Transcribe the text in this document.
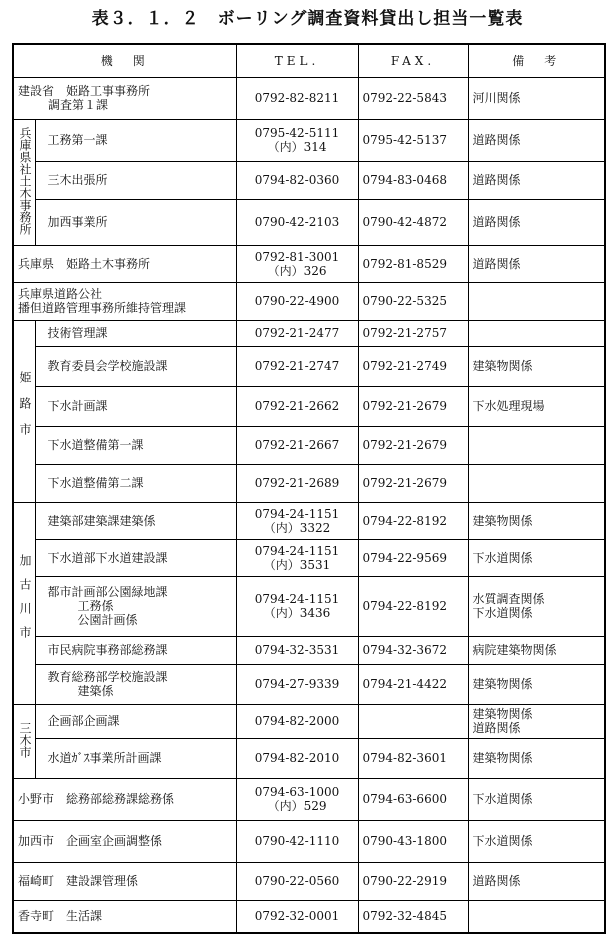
表３．１．２　ボーリング調査資料貸出し担当一覧表
機　関		TEL.	FAX.	備　考

建設省　姫路工事事務所
調査第１課		0792-82-8211	0792-22-5843	河川関係

兵庫県社土木事務所	工務第一課	0795-42-5111
（内）314	0795-42-5137	道路関係

	三木出張所	0794-82-0360	0794-83-0468	道路関係

	加西事業所	0790-42-2103	0790-42-4872	道路関係

兵庫県　姫路土木事務所		0792-81-3001
（内）326	0792-81-8529	道路関係

兵庫県道路公社
播但道路管理事務所維持管理課		0790-22-4900	0790-22-5325	
姫路市	技術管理課	0792-21-2477	0792-21-2757	

	教育委員会学校施設課	0792-21-2747	0792-21-2749	建築物関係

	下水計画課	0792-21-2662	0792-21-2679	下水処理現場

	下水道整備第一課	0792-21-2667	0792-21-2679	

	下水道整備第二課	0792-21-2689	0792-21-2679	
加古川市	建築部建築課建築係	0794-24-1151
（内）3322	0794-22-8192	建築物関係

	下水道部下水道建設課	0794-24-1151
（内）3531	0794-22-9569	下水道関係

	都市計画部公園緑地課
工務係
公園計画係	0794-24-1151
（内）3436	0794-22-8192	水質調査関係
下水道関係

	市民病院事務部総務課	0794-32-3531	0794-32-3672	病院建築物関係

	教育総務部学校施設課
建築係	0794-27-9339	0794-21-4422	建築物関係

三木市	企画部企画課	0794-82-2000		建築物関係
道路関係

	水道ｶﾞｽ事業所計画課	0794-82-2010	0794-82-3601	建築物関係

小野市　総務部総務課総務係		0794-63-1000
（内）529	0794-63-6600	下水道関係

加西市　企画室企画調整係		0790-42-1110	0790-43-1800	下水道関係

福崎町　建設課管理係		0790-22-0560	0790-22-2919	道路関係

香寺町　生活課		0792-32-0001	0792-32-4845	
